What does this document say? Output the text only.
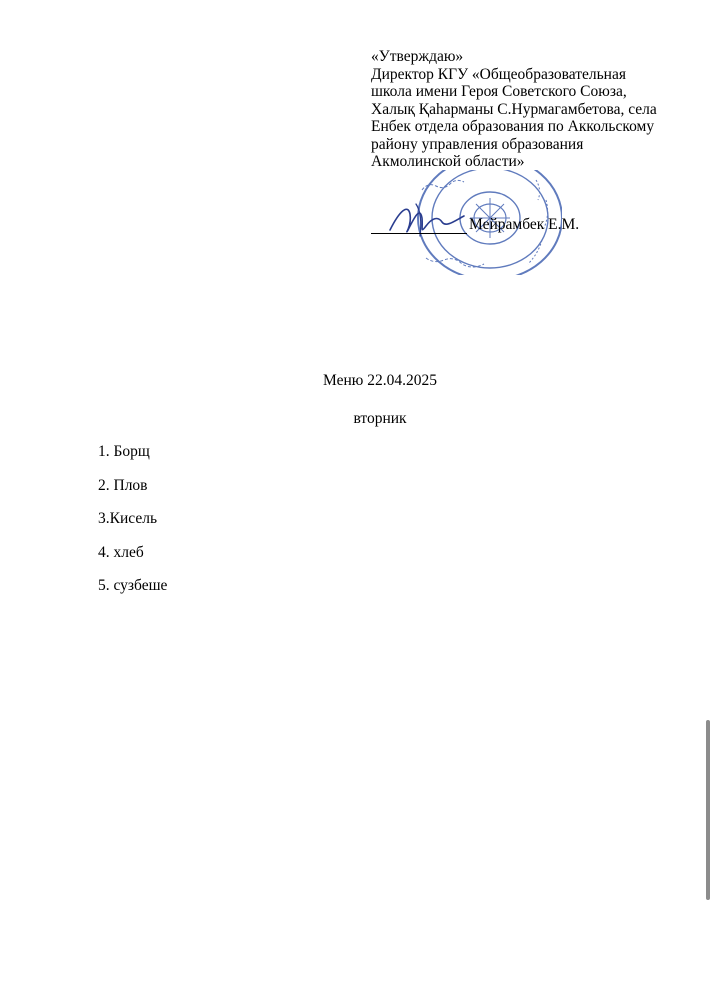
«Утверждаю»

Директор КГУ «Общеобразовательная

школа имени Героя Советского Союза,

Халық Қаһарманы С.Нурмагамбетова, села

Енбек отдела образования по Аккольскому

району управления образования

Акмолинской области»

Мейрамбек Е.М.
Меню 22.04.2025
вторник
1. Борщ
2. Плов
3.Кисель
4. хлеб
5. сузбеше
